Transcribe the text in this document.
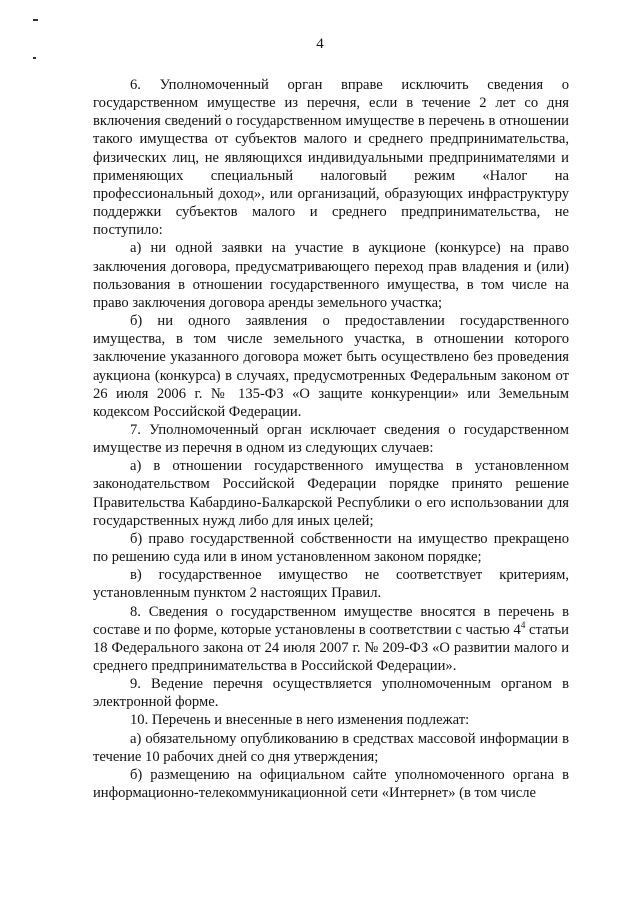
4

6. Уполномоченный орган вправе исключить сведения о государственном имуществе из перечня, если в течение 2 лет со дня включения сведений о государственном имуществе в перечень в отношении такого имущества от субъектов малого и среднего предпринимательства, физических лиц, не являющихся индивидуальными предпринимателями и применяющих специальный налоговый режим «Налог на профессиональный доход», или организаций, образующих инфраструктуру поддержки субъектов малого и среднего предпринимательства, не поступило:

а) ни одной заявки на участие в аукционе (конкурсе) на право заключения договора, предусматривающего переход прав владения и (или) пользования в отношении государственного имущества, в том числе на право заключения договора аренды земельного участка;

б) ни одного заявления о предоставлении государственного имущества, в том числе земельного участка, в отношении которого заключение указанного договора может быть осуществлено без проведения аукциона (конкурса) в случаях, предусмотренных Федеральным законом от 26 июля 2006 г. № 135-ФЗ «О защите конкуренции» или Земельным кодексом Российской Федерации.

7. Уполномоченный орган исключает сведения о государственном имуществе из перечня в одном из следующих случаев:

а) в отношении государственного имущества в установленном законодательством Российской Федерации порядке принято решение Правительства Кабардино-Балкарской Республики о его использовании для государственных нужд либо для иных целей;

б) право государственной собственности на имущество прекращено по решению суда или в ином установленном законом порядке;

в) государственное имущество не соответствует критериям, установленным пунктом 2 настоящих Правил.

8. Сведения о государственном имуществе вносятся в перечень в составе и по форме, которые установлены в соответствии с частью $4^4$ статьи 18 Федерального закона от 24 июля 2007 г. № 209-ФЗ «О развитии малого и среднего предпринимательства в Российской Федерации».

9. Ведение перечня осуществляется уполномоченным органом в электронной форме.

10. Перечень и внесенные в него изменения подлежат:

а) обязательному опубликованию в средствах массовой информации в течение 10 рабочих дней со дня утверждения;

б) размещению на официальном сайте уполномоченного органа в информационно-телекоммуникационной сети «Интернет» (в том числе
